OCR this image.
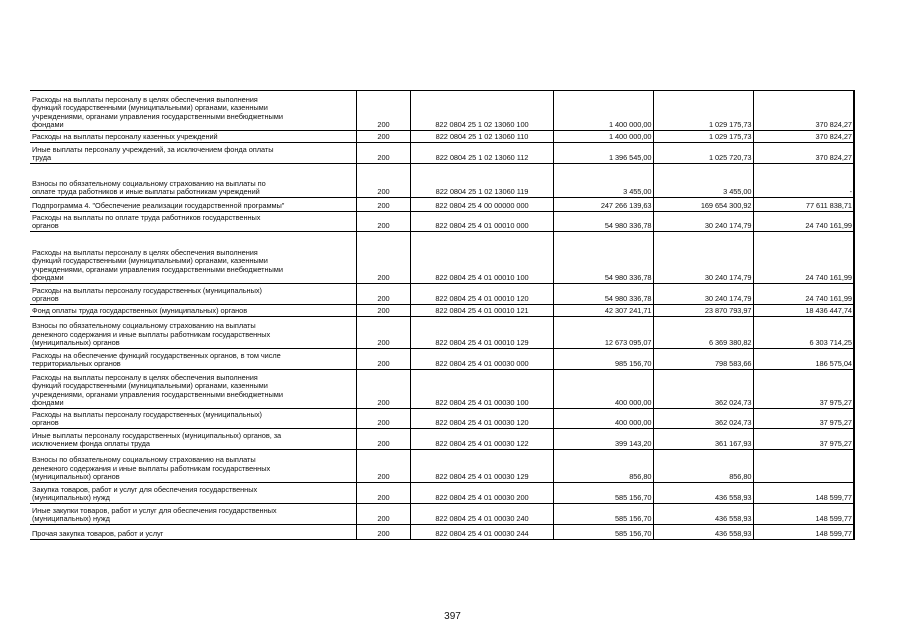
Расходы на выплаты персоналу в целях обеспечения выполнения
функций государственными (муниципальными) органами, казенными
учреждениями, органами управления государственными внебюджетными
фондами	200	822 0804 25 1 02 13060 100	1 400 000,00	1 029 175,73	370 824,27
Расходы на выплаты персоналу казенных учреждений	200	822 0804 25 1 02 13060 110	1 400 000,00	1 029 175,73	370 824,27
Иные выплаты персоналу учреждений, за исключением фонда оплаты
труда	200	822 0804 25 1 02 13060 112	1 396 545,00	1 025 720,73	370 824,27
Взносы по обязательному социальному страхованию на выплаты по
оплате труда работников и иные выплаты работникам учреждений	200	822 0804 25 1 02 13060 119	3 455,00	3 455,00	-
Подпрограмма 4. "Обеспечение реализации государственной программы"	200	822 0804 25 4 00 00000 000	247 266 139,63	169 654 300,92	77 611 838,71
Расходы на выплаты по оплате труда работников государственных
органов	200	822 0804 25 4 01 00010 000	54 980 336,78	30 240 174,79	24 740 161,99
Расходы на выплаты персоналу в целях обеспечения выполнения
функций государственными (муниципальными) органами, казенными
учреждениями, органами управления государственными внебюджетными
фондами	200	822 0804 25 4 01 00010 100	54 980 336,78	30 240 174,79	24 740 161,99
Расходы на выплаты персоналу государственных (муниципальных)
органов	200	822 0804 25 4 01 00010 120	54 980 336,78	30 240 174,79	24 740 161,99
Фонд оплаты труда государственных (муниципальных) органов	200	822 0804 25 4 01 00010 121	42 307 241,71	23 870 793,97	18 436 447,74
Взносы по обязательному социальному страхованию на выплаты
денежного содержания и иные выплаты работникам государственных
(муниципальных) органов	200	822 0804 25 4 01 00010 129	12 673 095,07	6 369 380,82	6 303 714,25
Расходы на обеспечение функций государственных органов, в том числе
территориальных органов	200	822 0804 25 4 01 00030 000	985 156,70	798 583,66	186 575,04
Расходы на выплаты персоналу в целях обеспечения выполнения
функций государственными (муниципальными) органами, казенными
учреждениями, органами управления государственными внебюджетными
фондами	200	822 0804 25 4 01 00030 100	400 000,00	362 024,73	37 975,27
Расходы на выплаты персоналу государственных (муниципальных)
органов	200	822 0804 25 4 01 00030 120	400 000,00	362 024,73	37 975,27
Иные выплаты персоналу государственных (муниципальных) органов, за
исключением фонда оплаты труда	200	822 0804 25 4 01 00030 122	399 143,20	361 167,93	37 975,27
Взносы по обязательному социальному страхованию на выплаты
денежного содержания и иные выплаты работникам государственных
(муниципальных) органов	200	822 0804 25 4 01 00030 129	856,80	856,80	
Закупка товаров, работ и услуг для обеспечения государственных
(муниципальных) нужд	200	822 0804 25 4 01 00030 200	585 156,70	436 558,93	148 599,77
Иные закупки товаров, работ и услуг для обеспечения государственных
(муниципальных) нужд	200	822 0804 25 4 01 00030 240	585 156,70	436 558,93	148 599,77
Прочая закупка товаров, работ и услуг	200	822 0804 25 4 01 00030 244	585 156,70	436 558,93	148 599,77
397
